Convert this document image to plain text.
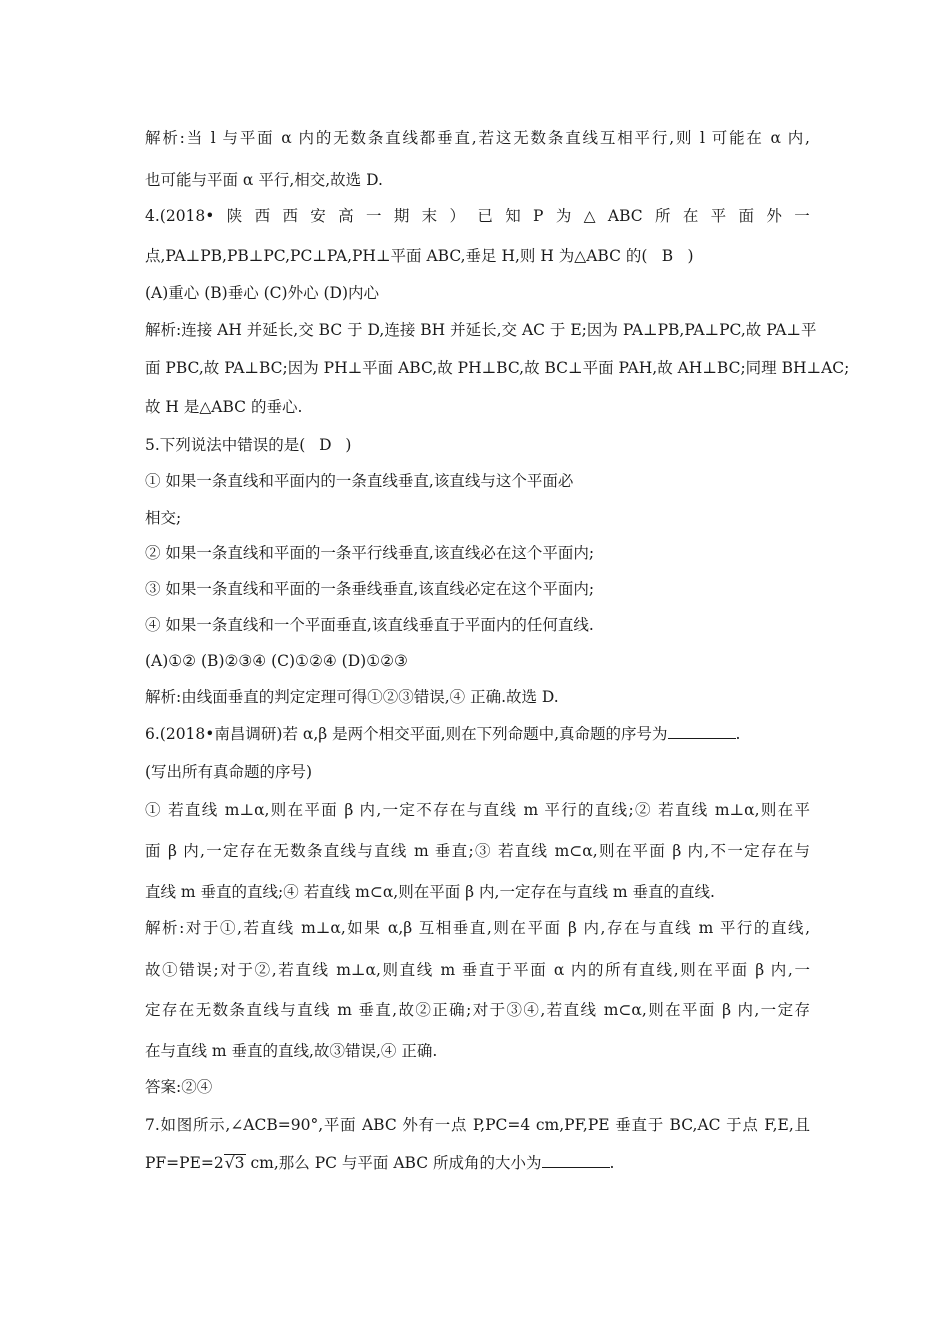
解析:当 l 与平面 α 内的无数条直线都垂直,若这无数条直线互相平行,则 l 可能在 α 内,
也可能与平面 α 平行,相交,故选 D.
4.(2018• 陕 西 西 安 高 一 期 末 ） 已 知 P 为 △ ABC 所 在 平 面 外 一
点,PA⊥PB,PB⊥PC,PC⊥PA,PH⊥平面 ABC,垂足 H,则 H 为△ABC 的( B )
(A)重心 (B)垂心 (C)外心 (D)内心
解析:连接 AH 并延长,交 BC 于 D,连接 BH 并延长,交 AC 于 E;因为 PA⊥PB,PA⊥PC,故 PA⊥平
面 PBC,故 PA⊥BC;因为 PH⊥平面 ABC,故 PH⊥BC,故 BC⊥平面 PAH,故 AH⊥BC;同理 BH⊥AC;
故 H 是△ABC 的垂心.
5.下列说法中错误的是( D )
① 如果一条直线和平面内的一条直线垂直,该直线与这个平面必
相交;
② 如果一条直线和平面的一条平行线垂直,该直线必在这个平面内;
③ 如果一条直线和平面的一条垂线垂直,该直线必定在这个平面内;
④ 如果一条直线和一个平面垂直,该直线垂直于平面内的任何直线.
(A)①② (B)②③④ (C)①②④ (D)①②③
解析:由线面垂直的判定定理可得①②③错误,④ 正确.故选 D.
6.(2018•南昌调研)若 α,β 是两个相交平面,则在下列命题中,真命题的序号为	.
(写出所有真命题的序号)
① 若直线 m⊥α,则在平面 β 内,一定不存在与直线 m 平行的直线;② 若直线 m⊥α,则在平
面 β 内,一定存在无数条直线与直线 m 垂直;③ 若直线 m⊂α,则在平面 β 内,不一定存在与
直线 m 垂直的直线;④ 若直线 m⊂α,则在平面 β 内,一定存在与直线 m 垂直的直线.
解析:对于①,若直线 m⊥α,如果 α,β 互相垂直,则在平面 β 内,存在与直线 m 平行的直线,
故①错误;对于②,若直线 m⊥α,则直线 m 垂直于平面 α 内的所有直线,则在平面 β 内,一
定存在无数条直线与直线 m 垂直,故②正确;对于③④,若直线 m⊂α,则在平面 β 内,一定存
在与直线 m 垂直的直线,故③错误,④ 正确.
答案:②④
7.如图所示,∠ACB=90°,平面 ABC 外有一点 P,PC=4 cm,PF,PE 垂直于 BC,AC 于点 F,E,且
PF=PE=2√3 cm,那么 PC 与平面 ABC 所成角的大小为	.
